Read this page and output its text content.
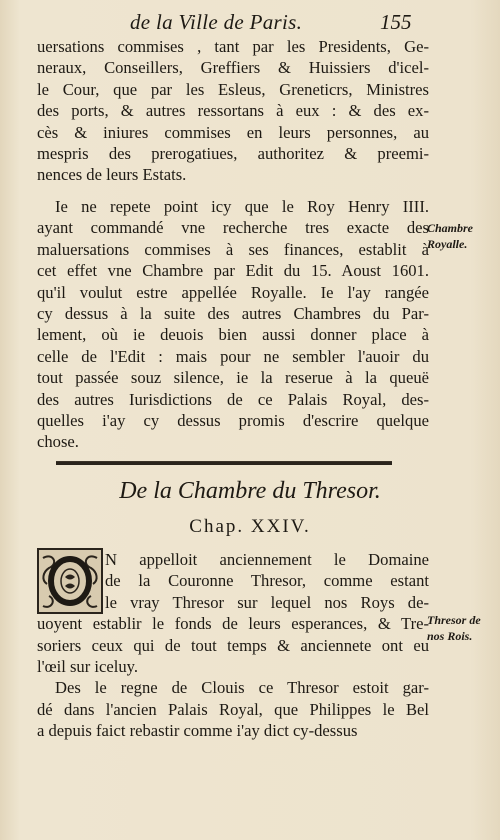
de la Ville de Paris.	155
uersations commises , tant par les Presidents, Ge-
neraux, Conseillers, Greffiers & Huissiers d'icel-
le Cour, que par les Esleus, Greneticrs, Ministres
des ports, & autres ressortans à eux : & des ex-
cès & iniures commises en leurs personnes, au
mespris des prerogatiues, authoritez & preemi-
nences de leurs Estats.
Ie ne repete point icy que le Roy Henry IIII.
ayant commandé vne recherche tres exacte des
maluersations commises à ses finances, establit à
cet effet vne Chambre par Edit du 15. Aoust 1601.
qu'il voulut estre appellée Royalle. Ie l'ay rangée
cy dessus à la suite des autres Chambres du Par-
lement, où ie deuois bien aussi donner place à
celle de l'Edit : mais pour ne sembler l'auoir du
tout passée souz silence, ie la reserue à la queuë
des autres Iurisdictions de ce Palais Royal, des-
quelles i'ay cy dessus promis d'escrire quelque
chose.
Chambre
Royalle.
De la Chambre du Thresor.
Chap. XXIV.
N appelloit anciennement le Domaine
de la Couronne Thresor, comme estant
le vray Thresor sur lequel nos Roys de-
uoyent establir le fonds de leurs esperances, & Tre-
soriers ceux qui de tout temps & anciennete ont eu
l'œil sur iceluy.
Des le regne de Clouis ce Thresor estoit gar-
dé dans l'ancien Palais Royal, que Philippes le Bel
a depuis faict rebastir comme i'ay dict cy-dessus
Thresor de
nos Rois.
